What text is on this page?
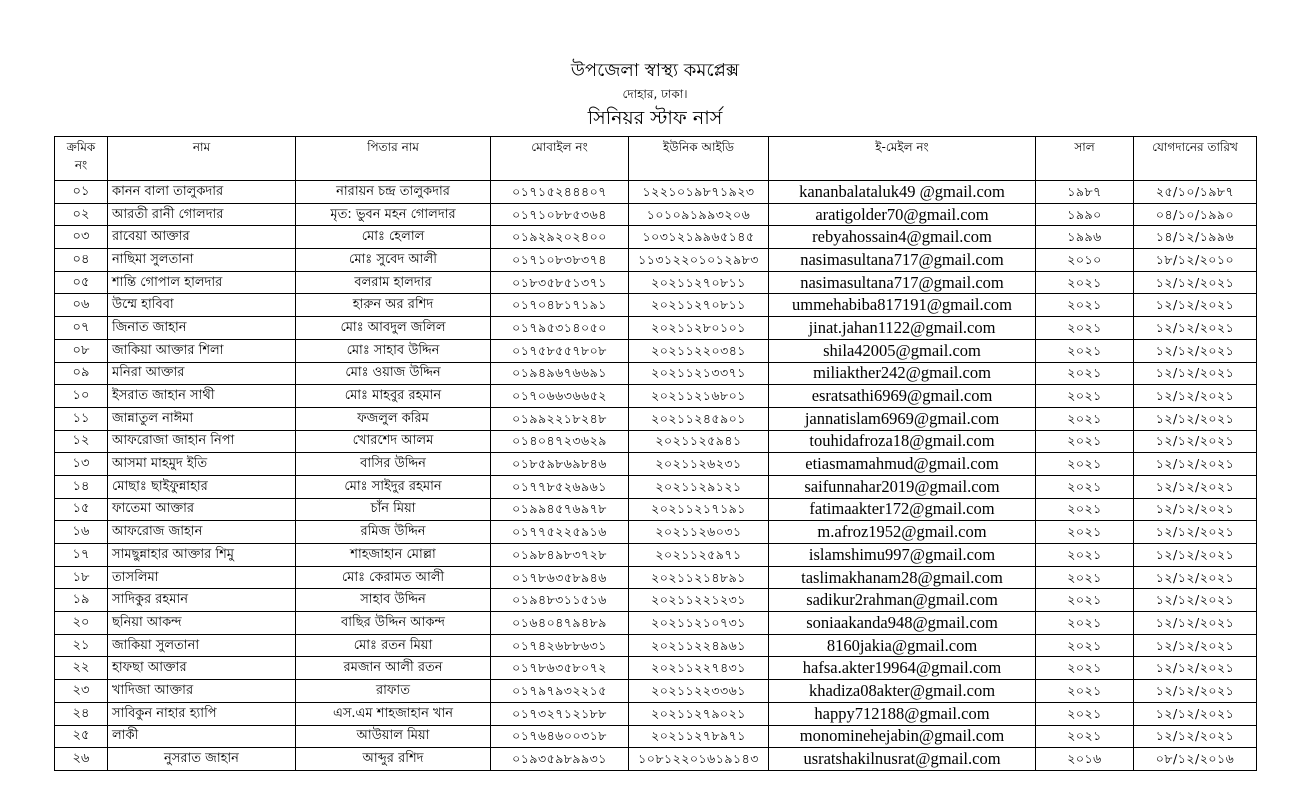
উপজেলা স্বাস্থ্য কমপ্লেক্স
দোহার, ঢাকা।
সিনিয়র স্টাফ নার্স
ক্রমিক
নং	নাম	পিতার নাম	মোবাইল নং	ইউনিক আইডি	ই-মেইল নং	সাল	যোগদানের তারিখ
০১	কানন বালা তালুকদার	নারায়ন চন্দ্র তালুকদার	০১৭১৫২৪৪৪০৭	১২২১০১৯৮৭১৯২৩	kananbalataluk49 @gmail.com	১৯৮৭	২৫/১০/১৯৮৭
০২	আরতী রানী গোলদার	মৃত: ভুবন মহন গোলদার	০১৭১০৮৮৫৩৬৪	১০১০৯১৯৯৩২০৬	aratigolder70@gmail.com	১৯৯০	০৪/১০/১৯৯০
০৩	রাবেয়া আক্তার	মোঃ হেলাল	০১৯২৯২০২৪০০	১০৩১২১৯৯৬৫১৪৫	rebyahossain4@gmail.com	১৯৯৬	১৪/১২/১৯৯৬
০৪	নাছিমা সুলতানা	মোঃ সুবেদ আলী	০১৭১০৮৩৮৩৭৪	১১৩১২২০১০১২৯৮৩	nasimasultana717@gmail.com	২০১০	১৮/১২/২০১০
০৫	শান্তি গোপাল হালদার	বলরাম হালদার	০১৮৩৫৮৫১৩৭১	২০২১১২৭০৮১১	nasimasultana717@gmail.com	২০২১	১২/১২/২০২১
০৬	উম্মে হাবিবা	হারুন অর রশিদ	০১৭০৪৮১৭১৯১	২০২১১২৭০৮১১	ummehabiba817191@gmail.com	২০২১	১২/১২/২০২১
০৭	জিনাত জাহান	মোঃ আবদুল জলিল	০১৭৯৫৩১৪০৫০	২০২১১২৮০১০১	jinat.jahan1122@gmail.com	২০২১	১২/১২/২০২১
০৮	জাকিয়া আক্তার শিলা	মোঃ সাহাব উদ্দিন	০১৭৫৮৫৫৭৮০৮	২০২১১২২০৩৪১	shila42005@gmail.com	২০২১	১২/১২/২০২১
০৯	মনিরা আক্তার	মোঃ ওয়াজ উদ্দিন	০১৯৪৯৬৭৬৬৯১	২০২১১২১৩৩৭১	miliakther242@gmail.com	২০২১	১২/১২/২০২১
১০	ইসরাত জাহান সাথী	মোঃ মাহবুর রহমান	০১৭০৬৬৩৬৬৫২	২০২১১২১৬৮০১	esratsathi6969@gmail.com	২০২১	১২/১২/২০২১
১১	জান্নাতুল নাঈমা	ফজলুল করিম	০১৯৯২২১৮২৪৮	২০২১১২৪৫৯০১	jannatislam6969@gmail.com	২০২১	১২/১২/২০২১
১২	আফরোজা জাহান নিপা	খোরশেদ আলম	০১৪০৪৭২৩৬২৯	২০২১১২৫৯৪১	touhidafroza18@gmail.com	২০২১	১২/১২/২০২১
১৩	আসমা মাহমুদ ইতি	বাসির উদ্দিন	০১৮৫৯৮৬৯৮৪৬	২০২১১২৬২৩১	etiasmamahmud@gmail.com	২০২১	১২/১২/২০২১
১৪	মোছাঃ ছাইফুন্নাহার	মোঃ সাইদুর রহমান	০১৭৭৮৫২৬৯৬১	২০২১১২৯১২১	saifunnahar2019@gmail.com	২০২১	১২/১২/২০২১
১৫	ফাতেমা আক্তার	চাঁন মিয়া	০১৯৯৪৫৭৬৯৭৮	২০২১১২১৭১৯১	fatimaakter172@gmail.com	২০২১	১২/১২/২০২১
১৬	আফরোজ জাহান	রমিজ উদ্দিন	০১৭৭৫২২৫৯১৬	২০২১১২৬০৩১	m.afroz1952@gmail.com	২০২১	১২/১২/২০২১
১৭	সামছুন্নাহার আক্তার শিমু	শাহজাহান মোল্লা	০১৯৮৪৯৮৩৭২৮	২০২১১২৫৯৭১	islamshimu997@gmail.com	২০২১	১২/১২/২০২১
১৮	তাসলিমা	মোঃ কেরামত আলী	০১৭৮৬৩৫৮৯৪৬	২০২১১২১৪৮৯১	taslimakhanam28@gmail.com	২০২১	১২/১২/২০২১
১৯	সাদিকুর রহমান	সাহাব উদ্দিন	০১৯৪৮৩১১৫১৬	২০২১১২২১২৩১	sadikur2rahman@gmail.com	২০২১	১২/১২/২০২১
২০	ছনিয়া আকন্দ	বাছির উদ্দিন আকন্দ	০১৬৪০৪৭৯৪৮৯	২০২১১২১০৭৩১	soniaakanda948@gmail.com	২০২১	১২/১২/২০২১
২১	জাকিয়া সুলতানা	মোঃ রতন মিয়া	০১৭৪২৬৮৮৬৩১	২০২১১২২৪৯৬১	8160jakia@gmail.com	২০২১	১২/১২/২০২১
২২	হাফছা আক্তার	রমজান আলী রতন	০১৭৮৬৩৫৮০৭২	২০২১১২২৭৪৩১	hafsa.akter19964@gmail.com	২০২১	১২/১২/২০২১
২৩	খাদিজা আক্তার	রাফাত	০১৭৯৭৯৩২২১৫	২০২১১২২৩৩৬১	khadiza08akter@gmail.com	২০২১	১২/১২/২০২১
২৪	সাবিকুন নাহার হ্যাপি	এস.এম শাহজাহান খান	০১৭৩২৭১২১৮৮	২০২১১২৭৯০২১	happy712188@gmail.com	২০২১	১২/১২/২০২১
২৫	লাকী	আউয়াল মিয়া	০১৭৬৪৬০০৩১৮	২০২১১২৭৮৯৭১	monominehejabin@gmail.com	২০২১	১২/১২/২০২১
২৬	নুসরাত জাহান	আব্দুর রশিদ	০১৯৩৫৯৮৯৯৩১	১০৮১২২০১৬১৯১৪৩	usratshakilnusrat@gmail.com	২০১৬	০৮/১২/২০১৬
